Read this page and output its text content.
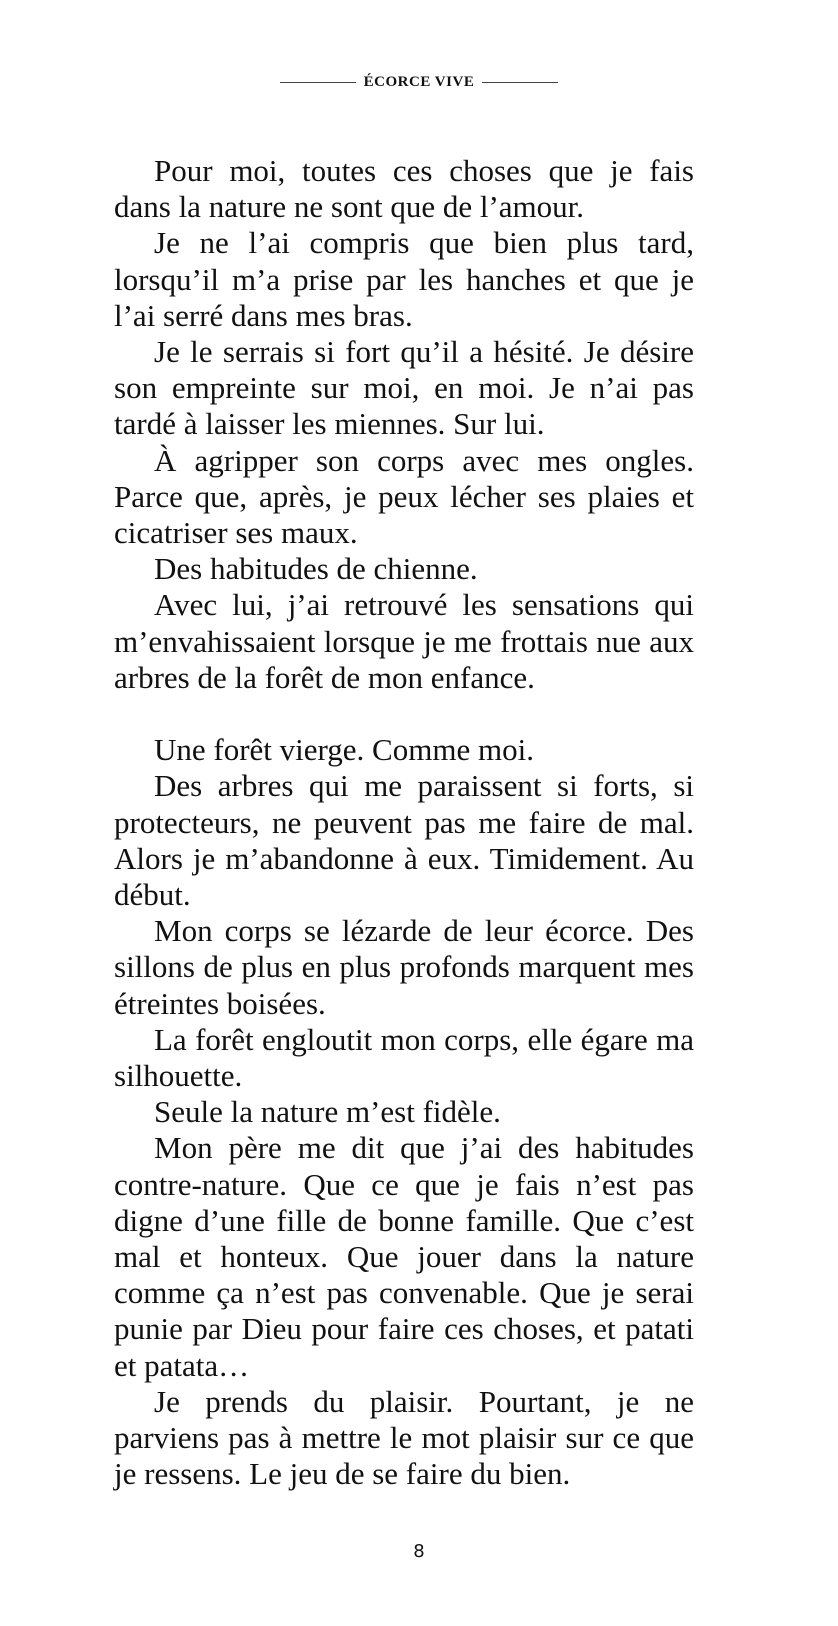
ÉCORCE VIVE

Pour moi, toutes ces choses que je fais dans la nature ne sont que de l’amour.

Je ne l’ai compris que bien plus tard, lorsqu’il m’a prise par les hanches et que je l’ai serré dans mes bras.

Je le serrais si fort qu’il a hésité. Je désire son empreinte sur moi, en moi. Je n’ai pas tardé à laisser les miennes. Sur lui.

À agripper son corps avec mes ongles. Parce que, après, je peux lécher ses plaies et cicatriser ses maux.

Des habitudes de chienne.

Avec lui, j’ai retrouvé les sensations qui m’envahissaient lorsque je me frottais nue aux arbres de la forêt de mon enfance.

Une forêt vierge. Comme moi.

Des arbres qui me paraissent si forts, si protecteurs, ne peuvent pas me faire de mal. Alors je m’abandonne à eux. Timidement. Au début.

Mon corps se lézarde de leur écorce. Des sillons de plus en plus profonds marquent mes étreintes boisées.

La forêt engloutit mon corps, elle égare ma silhouette.

Seule la nature m’est fidèle.

Mon père me dit que j’ai des habitudes contre-nature. Que ce que je fais n’est pas digne d’une fille de bonne famille. Que c’est mal et honteux. Que jouer dans la nature comme ça n’est pas convenable. Que je serai punie par Dieu pour faire ces choses, et patati et patata…

Je prends du plaisir. Pourtant, je ne parviens pas à mettre le mot plaisir sur ce que je ressens. Le jeu de se faire du bien.

8
